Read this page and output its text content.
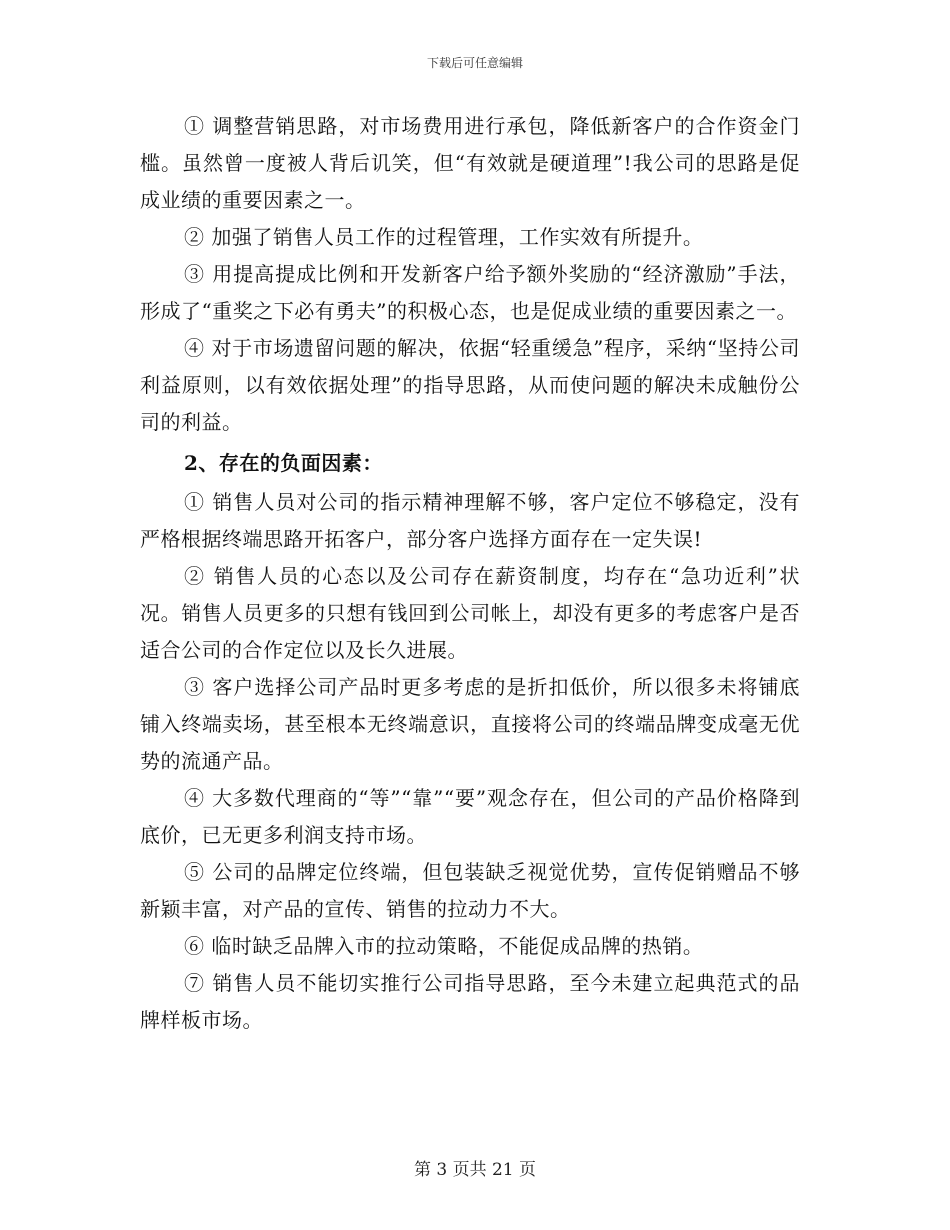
下载后可任意编辑

① 调整营销思路，对市场费用进行承包，降低新客户的合作资金门槛。虽然曾一度被人背后讥笑，但“有效就是硬道理”!我公司的思路是促成业绩的重要因素之一。

② 加强了销售人员工作的过程管理，工作实效有所提升。

③ 用提高提成比例和开发新客户给予额外奖励的“经济激励”手法，形成了“重奖之下必有勇夫”的积极心态，也是促成业绩的重要因素之一。

④ 对于市场遗留问题的解决，依据“轻重缓急”程序，采纳“坚持公司利益原则，以有效依据处理”的指导思路，从而使问题的解决未成触份公司的利益。

2、存在的负面因素：

① 销售人员对公司的指示精神理解不够，客户定位不够稳定，没有严格根据终端思路开拓客户，部分客户选择方面存在一定失误!

② 销售人员的心态以及公司存在薪资制度，均存在“急功近利”状况。销售人员更多的只想有钱回到公司帐上，却没有更多的考虑客户是否适合公司的合作定位以及长久进展。

③ 客户选择公司产品时更多考虑的是折扣低价，所以很多未将铺底铺入终端卖场，甚至根本无终端意识，直接将公司的终端品牌变成毫无优势的流通产品。

④ 大多数代理商的“等”“靠”“要”观念存在，但公司的产品价格降到底价，已无更多利润支持市场。

⑤ 公司的品牌定位终端，但包装缺乏视觉优势，宣传促销赠品不够新颖丰富，对产品的宣传、销售的拉动力不大。

⑥ 临时缺乏品牌入市的拉动策略，不能促成品牌的热销。

⑦ 销售人员不能切实推行公司指导思路，至今未建立起典范式的品牌样板市场。

第 3 页共 21 页
